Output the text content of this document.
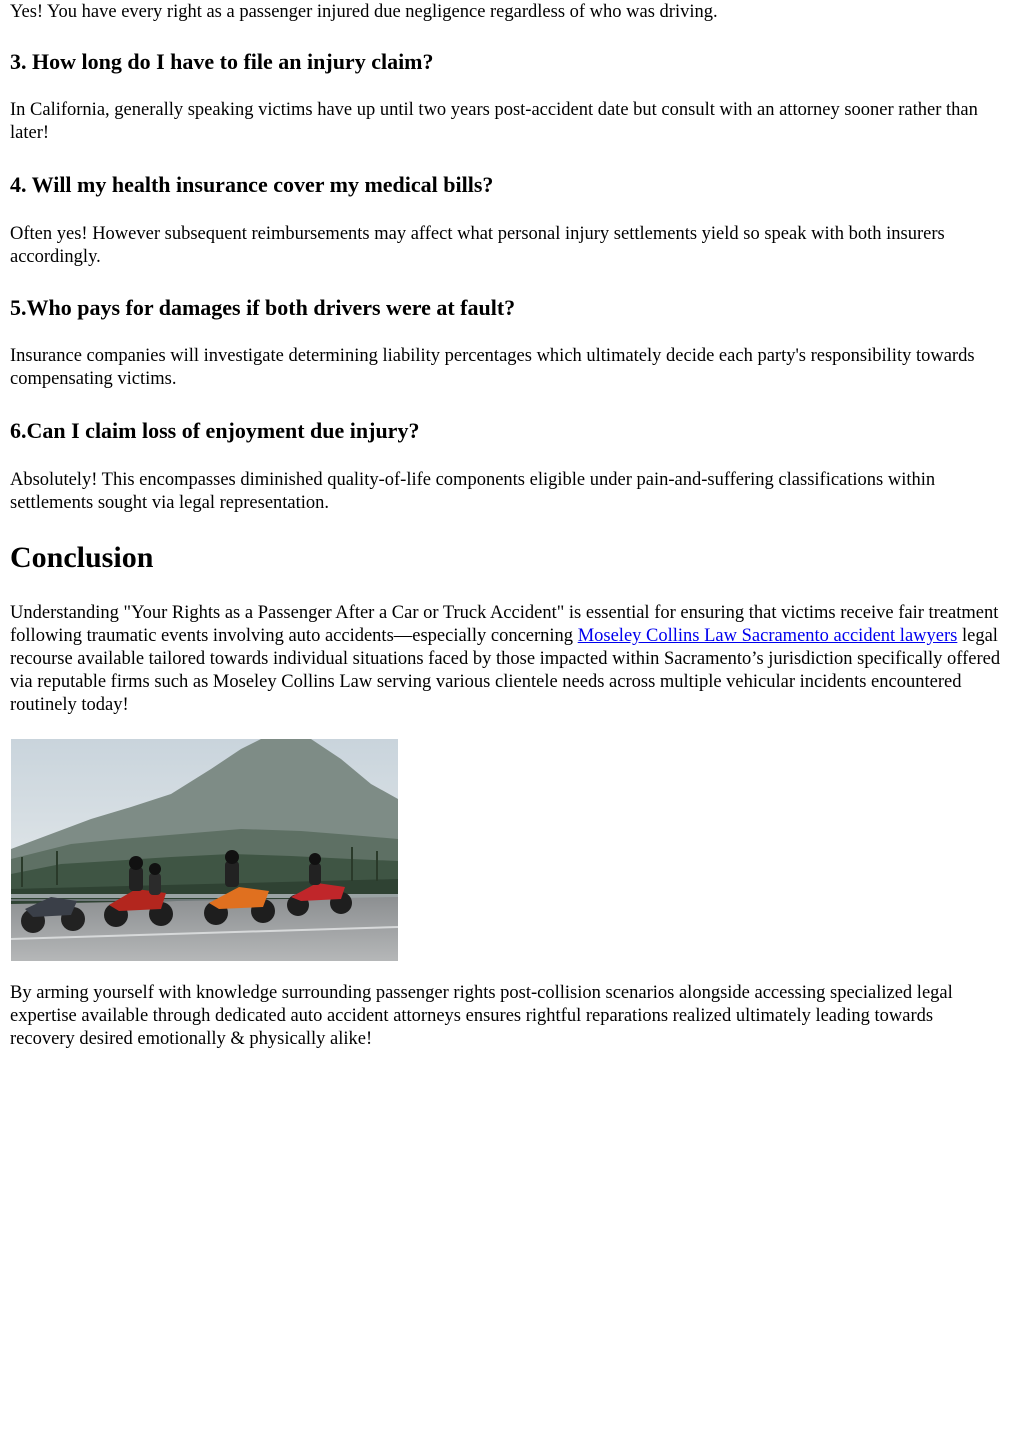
Yes! You have every right as a passenger injured due negligence regardless of who was driving.

3. How long do I have to file an injury claim?

In California, generally speaking victims have up until two years post-accident date but consult with an attorney sooner rather than later!

4. Will my health insurance cover my medical bills?

Often yes! However subsequent reimbursements may affect what personal injury settlements yield so speak with both insurers accordingly.

5.Who pays for damages if both drivers were at fault?

Insurance companies will investigate determining liability percentages which ultimately decide each party's responsibility towards compensating victims.

6.Can I claim loss of enjoyment due injury?

Absolutely! This encompasses diminished quality-of-life components eligible under pain-and-suffering classifications within settlements sought via legal representation.

Conclusion

Understanding "Your Rights as a Passenger After a Car or Truck Accident" is essential for ensuring that victims receive fair treatment following traumatic events involving auto accidents—especially concerning Moseley Collins Law Sacramento accident lawyers legal recourse available tailored towards individual situations faced by those impacted within Sacramento’s jurisdiction specifically offered via reputable firms such as Moseley Collins Law serving various clientele needs across multiple vehicular incidents encountered routinely today!

By arming yourself with knowledge surrounding passenger rights post-collision scenarios alongside accessing specialized legal expertise available through dedicated auto accident attorneys ensures rightful reparations realized ultimately leading towards recovery desired emotionally & physically alike!
